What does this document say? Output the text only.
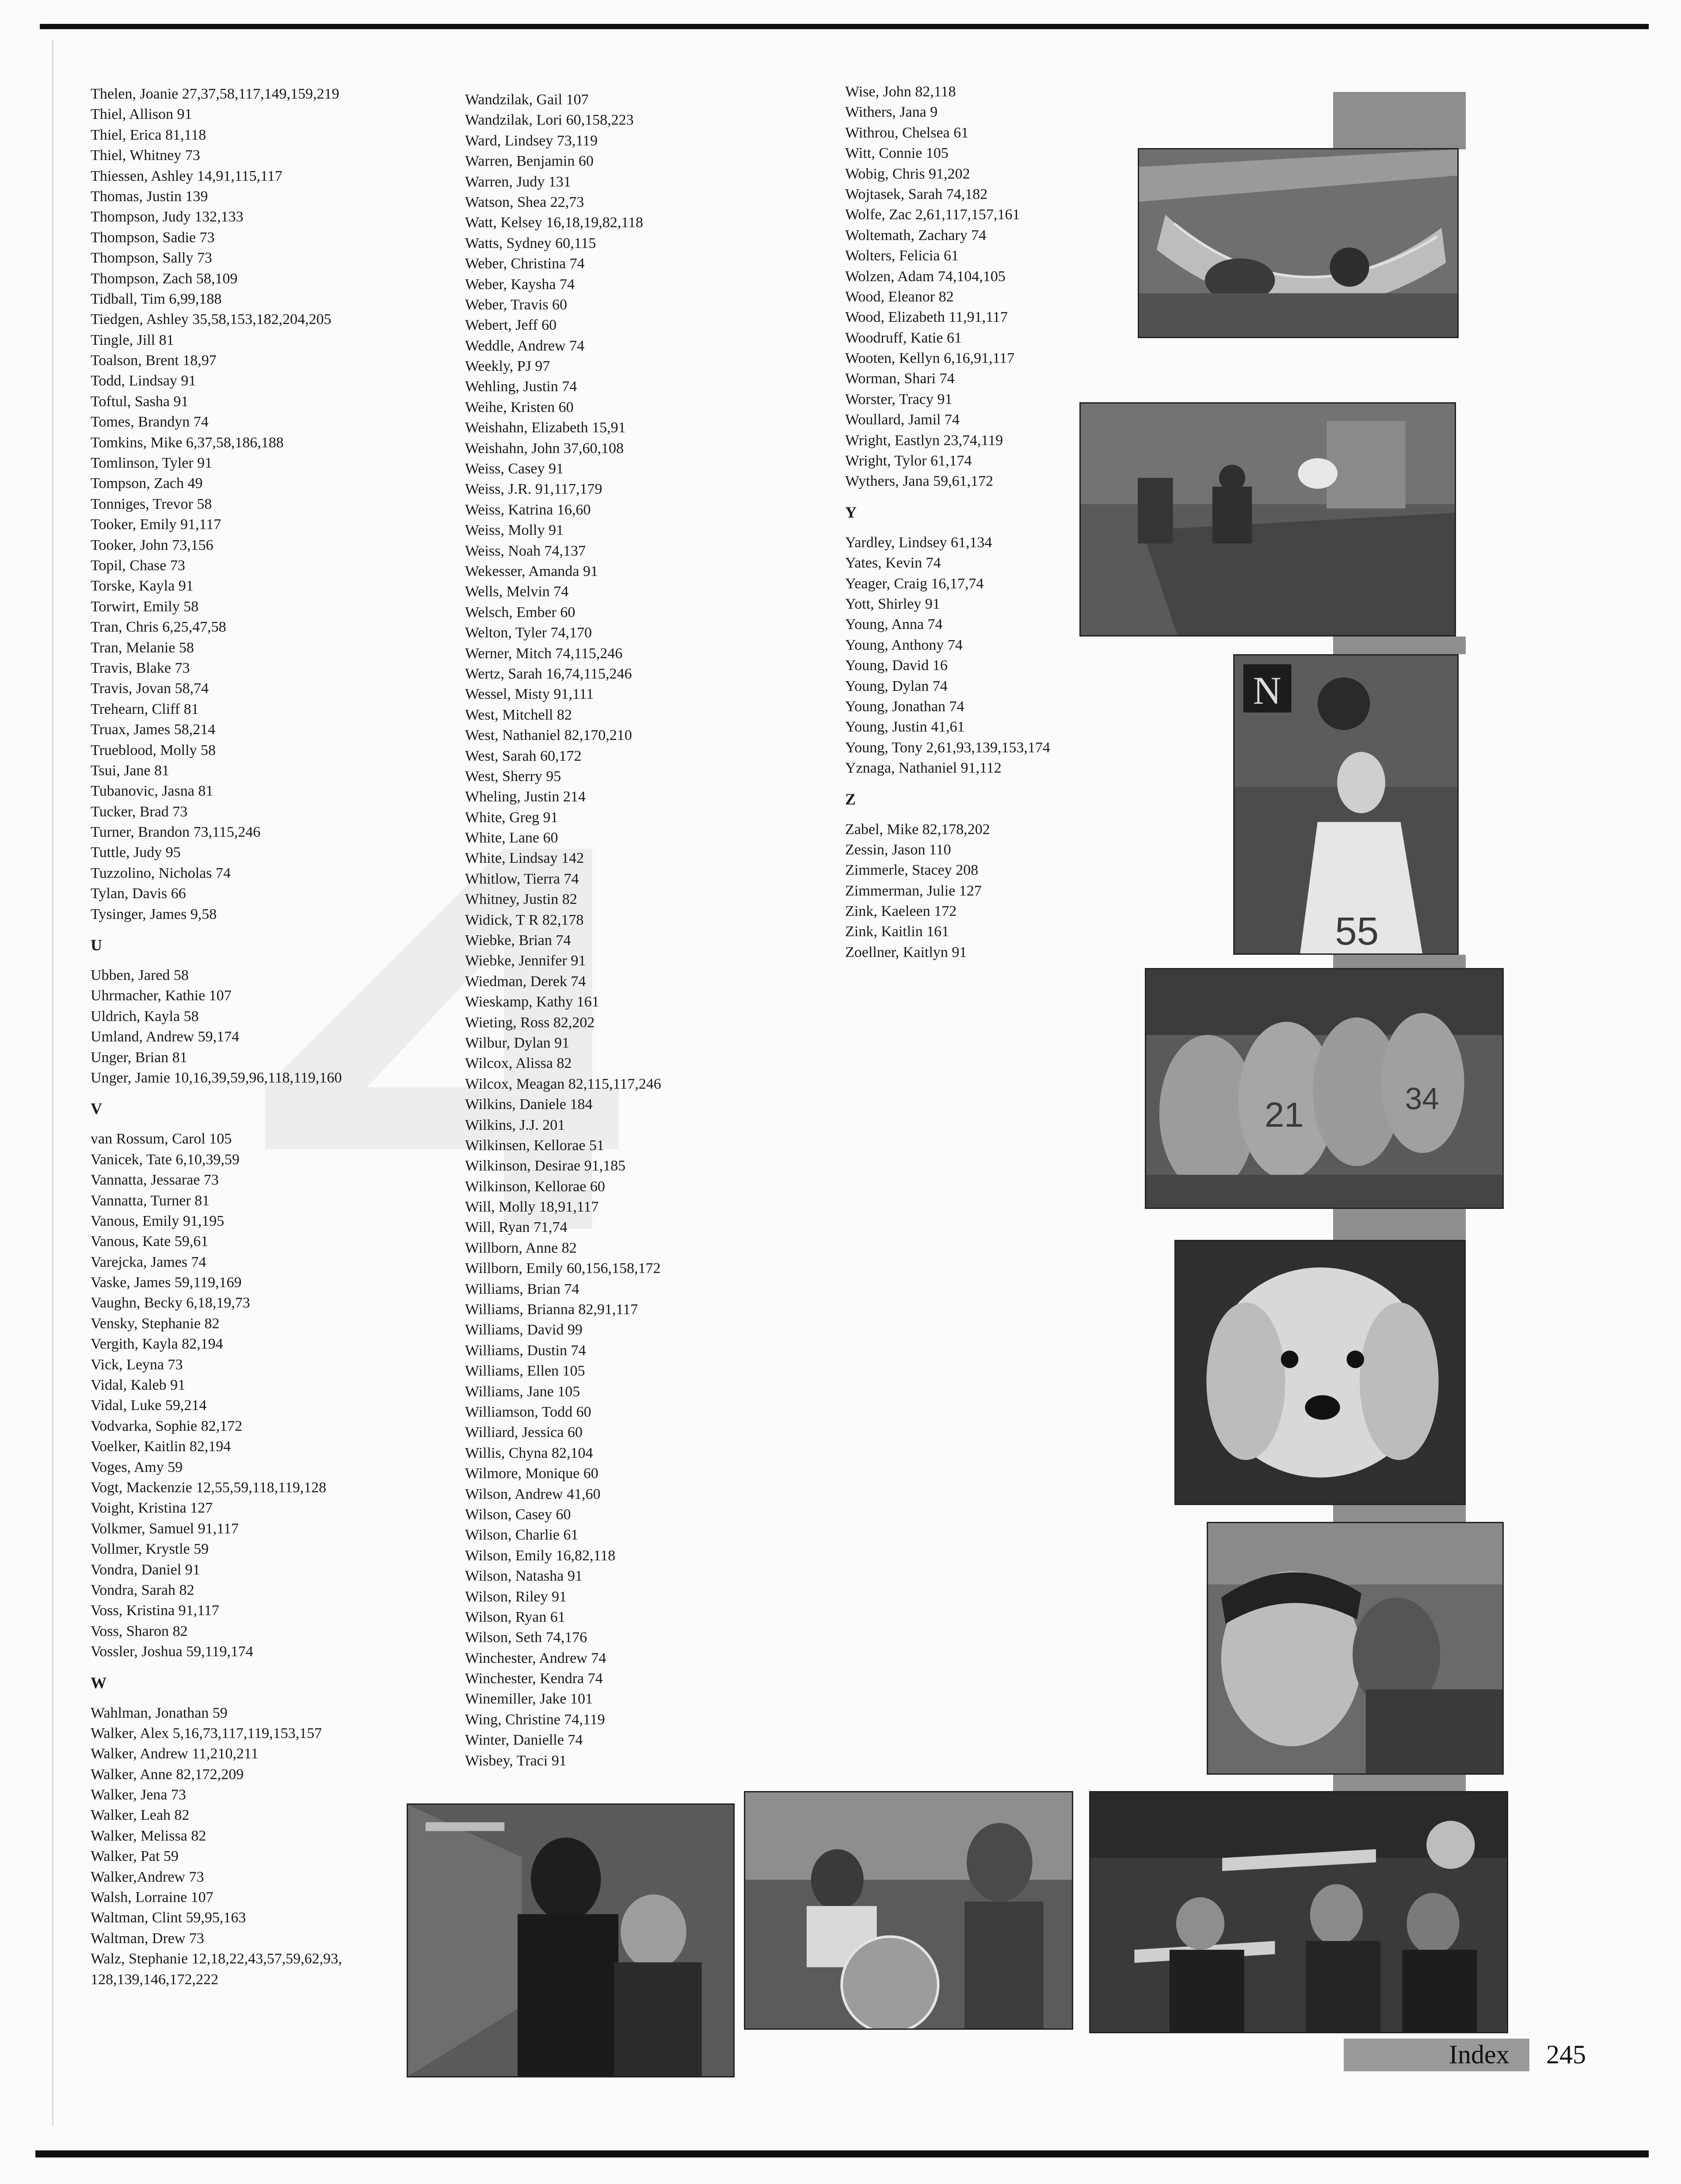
Thelen, Joanie 27,37,58,117,149,159,219
Thiel, Allison 91
Thiel, Erica 81,118
Thiel, Whitney 73
Thiessen, Ashley 14,91,115,117
Thomas, Justin 139
Thompson, Judy 132,133
Thompson, Sadie 73
Thompson, Sally 73
Thompson, Zach 58,109
Tidball, Tim 6,99,188
Tiedgen, Ashley 35,58,153,182,204,205
Tingle, Jill 81
Toalson, Brent 18,97
Todd, Lindsay 91
Toftul, Sasha 91
Tomes, Brandyn 74
Tomkins, Mike 6,37,58,186,188
Tomlinson, Tyler 91
Tompson, Zach 49
Tonniges, Trevor 58
Tooker, Emily 91,117
Tooker, John 73,156
Topil, Chase 73
Torske, Kayla 91
Torwirt, Emily 58
Tran, Chris 6,25,47,58
Tran, Melanie 58
Travis, Blake 73
Travis, Jovan 58,74
Trehearn, Cliff 81
Truax, James 58,214
Trueblood, Molly 58
Tsui, Jane 81
Tubanovic, Jasna 81
Tucker, Brad 73
Turner, Brandon 73,115,246
Tuttle, Judy 95
Tuzzolino, Nicholas 74
Tylan, Davis 66
Tysinger, James 9,58
U
Ubben, Jared 58
Uhrmacher, Kathie 107
Uldrich, Kayla 58
Umland, Andrew 59,174
Unger, Brian 81
Unger, Jamie 10,16,39,59,96,118,119,160
V
van Rossum, Carol 105
Vanicek, Tate 6,10,39,59
Vannatta, Jessarae 73
Vannatta, Turner 81
Vanous, Emily 91,195
Vanous, Kate 59,61
Varejcka, James 74
Vaske, James 59,119,169
Vaughn, Becky 6,18,19,73
Vensky, Stephanie 82
Vergith, Kayla 82,194
Vick, Leyna 73
Vidal, Kaleb 91
Vidal, Luke 59,214
Vodvarka, Sophie 82,172
Voelker, Kaitlin 82,194
Voges, Amy 59
Vogt, Mackenzie 12,55,59,118,119,128
Voight, Kristina 127
Volkmer, Samuel 91,117
Vollmer, Krystle 59
Vondra, Daniel 91
Vondra, Sarah 82
Voss, Kristina 91,117
Voss, Sharon 82
Vossler, Joshua 59,119,174
W
Wahlman, Jonathan 59
Walker, Alex 5,16,73,117,119,153,157
Walker, Andrew 11,210,211
Walker, Anne 82,172,209
Walker, Jena 73
Walker, Leah 82
Walker, Melissa 82
Walker, Pat 59
Walker,Andrew 73
Walsh, Lorraine 107
Waltman, Clint 59,95,163
Waltman, Drew 73
Walz, Stephanie 12,18,22,43,57,59,62,93,
128,139,146,172,222
Wandzilak, Gail 107
Wandzilak, Lori 60,158,223
Ward, Lindsey 73,119
Warren, Benjamin 60
Warren, Judy 131
Watson, Shea 22,73
Watt, Kelsey 16,18,19,82,118
Watts, Sydney 60,115
Weber, Christina 74
Weber, Kaysha 74
Weber, Travis 60
Webert, Jeff 60
Weddle, Andrew 74
Weekly, PJ 97
Wehling, Justin 74
Weihe, Kristen 60
Weishahn, Elizabeth 15,91
Weishahn, John 37,60,108
Weiss, Casey 91
Weiss, J.R. 91,117,179
Weiss, Katrina 16,60
Weiss, Molly 91
Weiss, Noah 74,137
Wekesser, Amanda 91
Wells, Melvin 74
Welsch, Ember 60
Welton, Tyler 74,170
Werner, Mitch 74,115,246
Wertz, Sarah 16,74,115,246
Wessel, Misty 91,111
West, Mitchell 82
West, Nathaniel 82,170,210
West, Sarah 60,172
West, Sherry 95
Wheling, Justin 214
White, Greg 91
White, Lane 60
White, Lindsay 142
Whitlow, Tierra 74
Whitney, Justin 82
Widick, T R 82,178
Wiebke, Brian 74
Wiebke, Jennifer 91
Wiedman, Derek 74
Wieskamp, Kathy 161
Wieting, Ross 82,202
Wilbur, Dylan 91
Wilcox, Alissa 82
Wilcox, Meagan 82,115,117,246
Wilkins, Daniele 184
Wilkins, J.J. 201
Wilkinsen, Kellorae 51
Wilkinson, Desirae 91,185
Wilkinson, Kellorae 60
Will, Molly 18,91,117
Will, Ryan 71,74
Willborn, Anne 82
Willborn, Emily 60,156,158,172
Williams, Brian 74
Williams, Brianna 82,91,117
Williams, David 99
Williams, Dustin 74
Williams, Ellen 105
Williams, Jane 105
Williamson, Todd 60
Williard, Jessica 60
Willis, Chyna 82,104
Wilmore, Monique 60
Wilson, Andrew 41,60
Wilson, Casey 60
Wilson, Charlie 61
Wilson, Emily 16,82,118
Wilson, Natasha 91
Wilson, Riley 91
Wilson, Ryan 61
Wilson, Seth 74,176
Winchester, Andrew 74
Winchester, Kendra 74
Winemiller, Jake 101
Wing, Christine 74,119
Winter, Danielle 74
Wisbey, Traci 91
Wise, John 82,118
Withers, Jana 9
Withrou, Chelsea 61
Witt, Connie 105
Wobig, Chris 91,202
Wojtasek, Sarah 74,182
Wolfe, Zac 2,61,117,157,161
Woltemath, Zachary 74
Wolters, Felicia 61
Wolzen, Adam 74,104,105
Wood, Eleanor 82
Wood, Elizabeth 11,91,117
Woodruff, Katie 61
Wooten, Kellyn 6,16,91,117
Worman, Shari 74
Worster, Tracy 91
Woullard, Jamil 74
Wright, Eastlyn 23,74,119
Wright, Tylor 61,174
Wythers, Jana 59,61,172
Y
Yardley, Lindsey 61,134
Yates, Kevin 74
Yeager, Craig 16,17,74
Yott, Shirley 91
Young, Anna 74
Young, Anthony 74
Young, David 16
Young, Dylan 74
Young, Jonathan 74
Young, Justin 41,61
Young, Tony 2,61,93,139,153,174
Yznaga, Nathaniel 91,112
Z
Zabel, Mike 82,178,202
Zessin, Jason 110
Zimmerle, Stacey 208
Zimmerman, Julie 127
Zink, Kaeleen 172
Zink, Kaitlin 161
Zoellner, Kaitlyn 91
N
55
21	34
Index 245
